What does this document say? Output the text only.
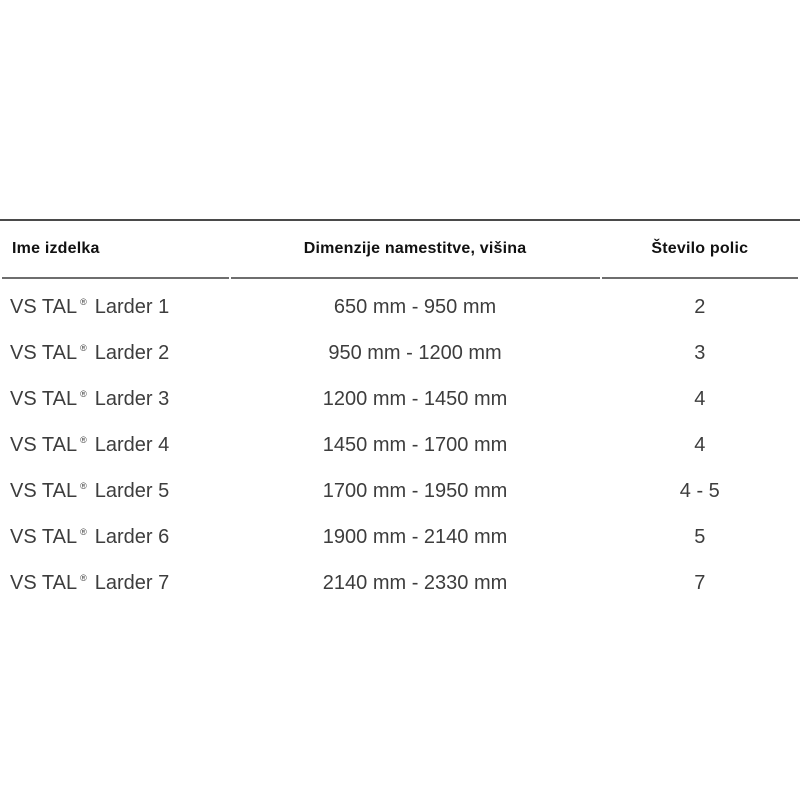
Ime izdelka	Dimenzije namestitve, višina	Število polic
VS TAL ® Larder 1	650 mm - 950 mm	2
VS TAL ® Larder 2	950 mm - 1200 mm	3
VS TAL ® Larder 3	1200 mm - 1450 mm	4
VS TAL ® Larder 4	1450 mm - 1700 mm	4
VS TAL ® Larder 5	1700 mm - 1950 mm	4 - 5
VS TAL ® Larder 6	1900 mm - 2140 mm	5
VS TAL ® Larder 7	2140 mm - 2330 mm	7
